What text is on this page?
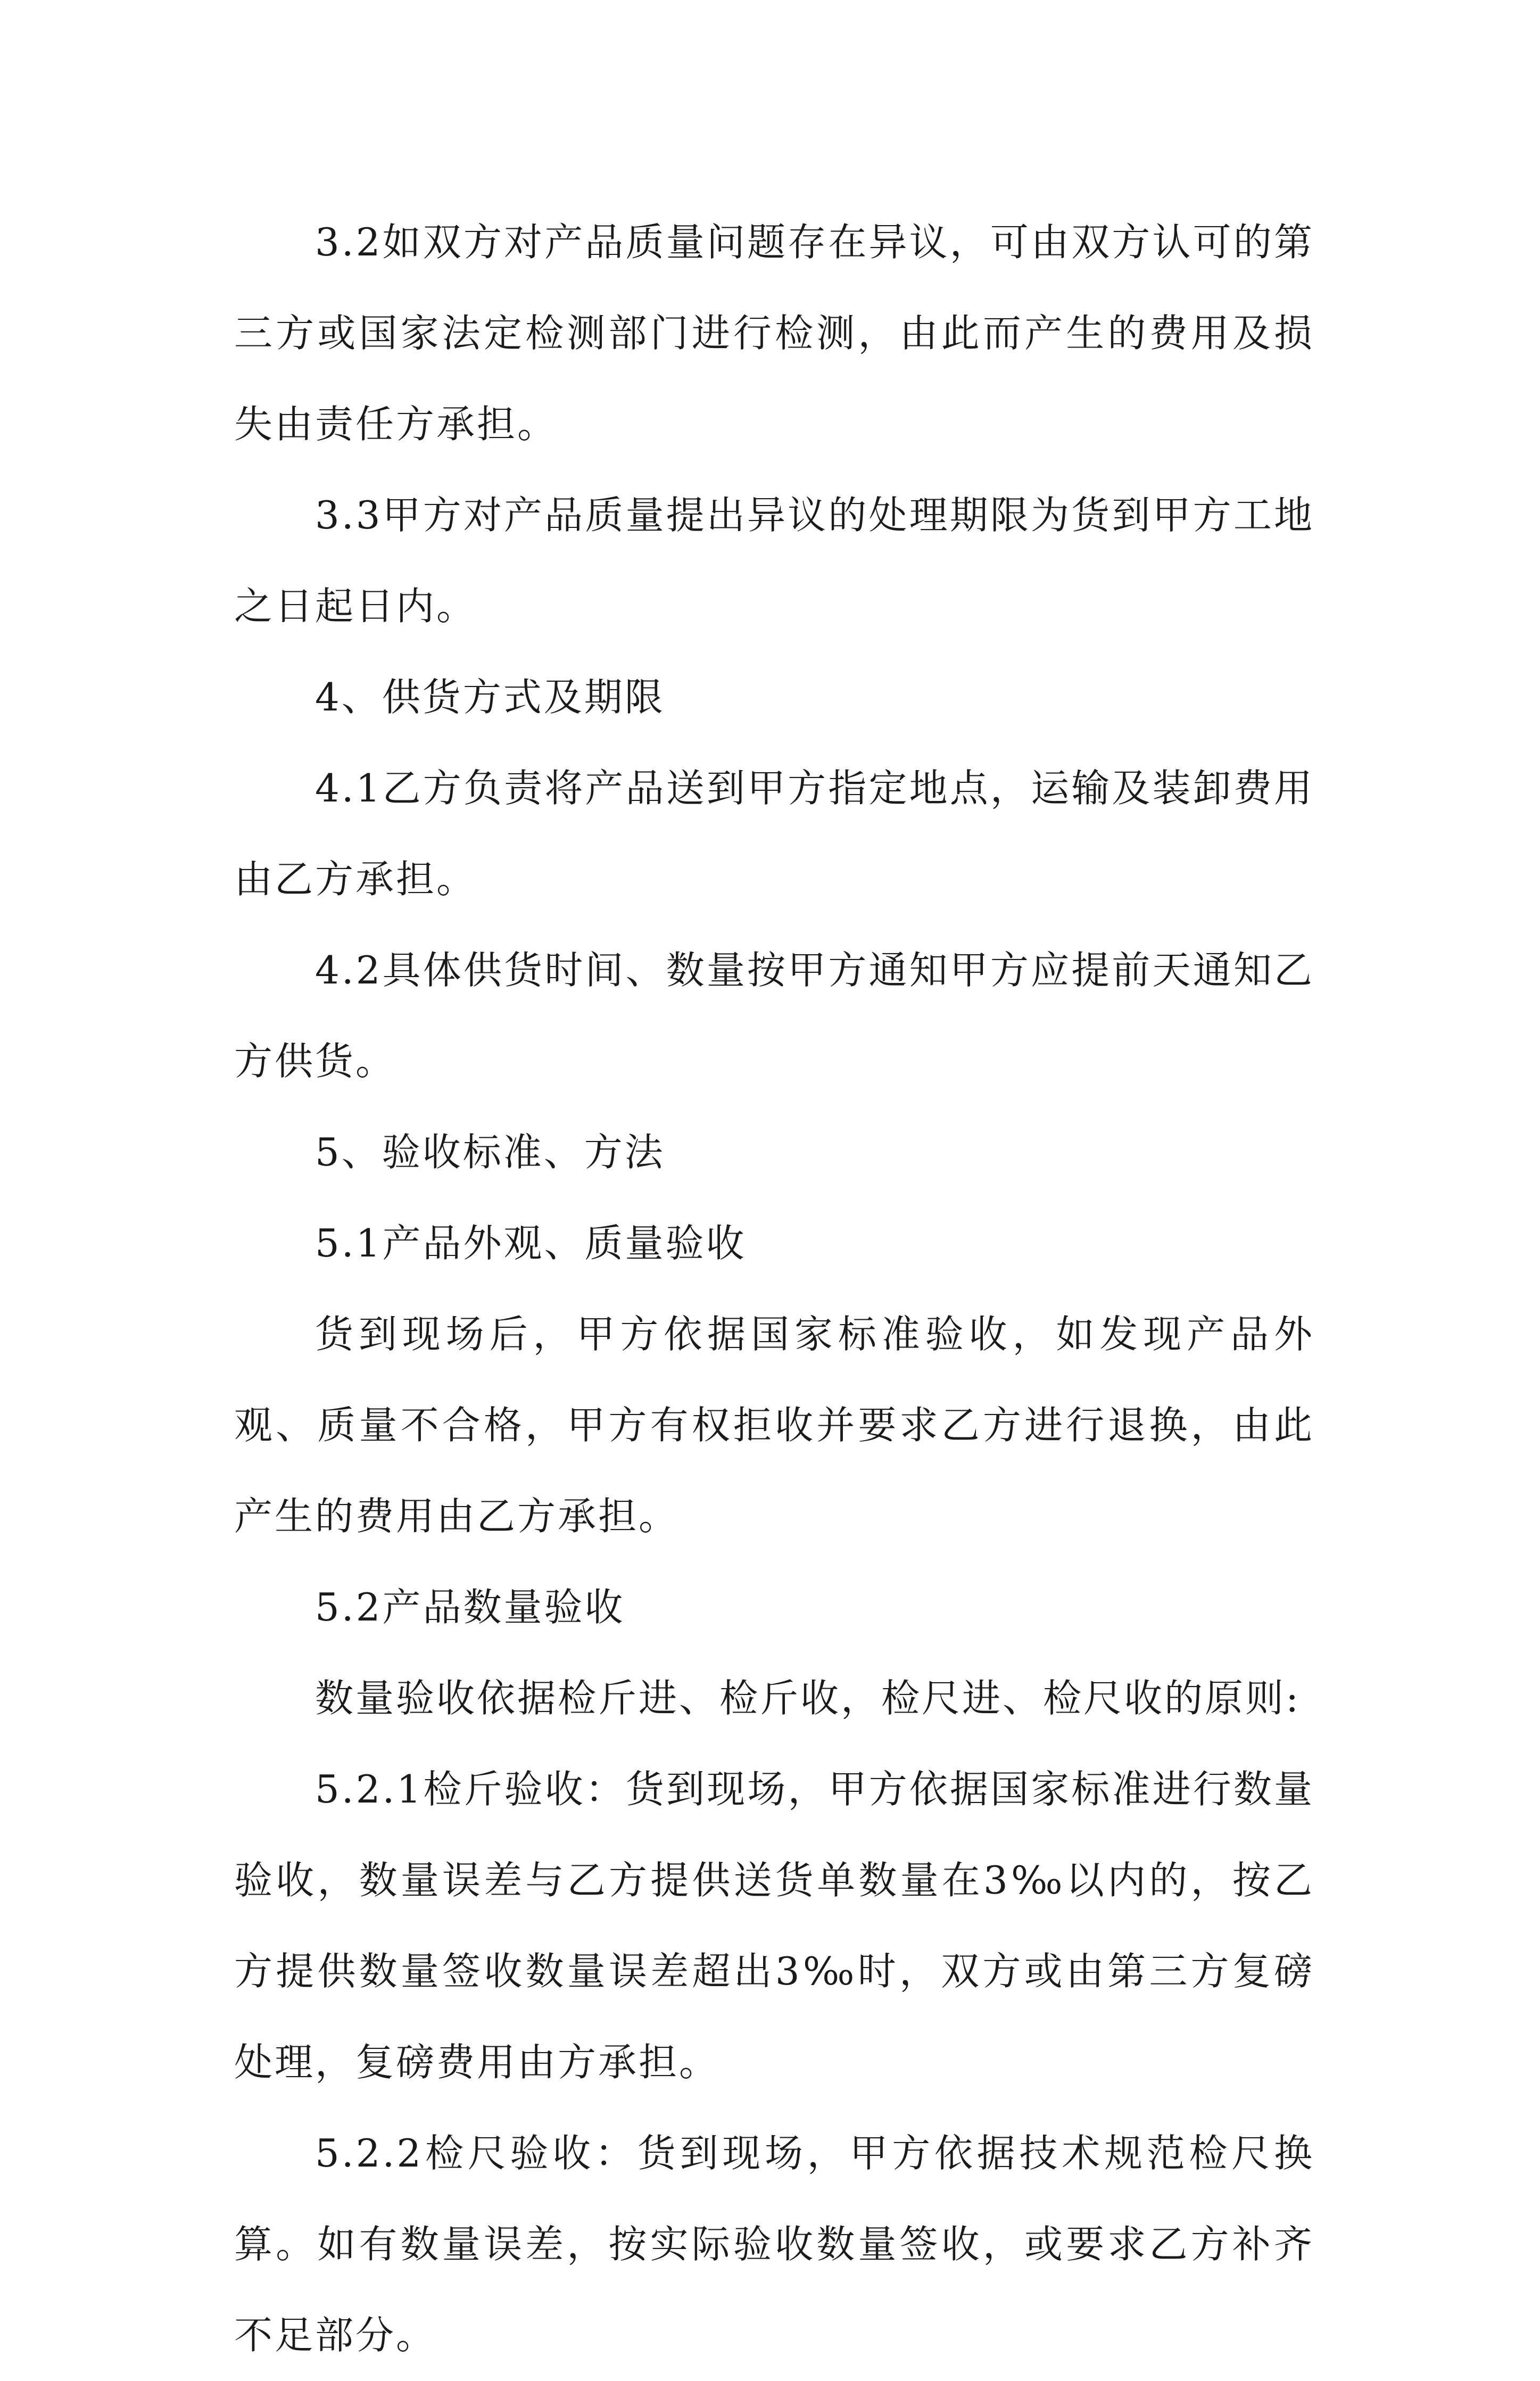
3.2如双方对产品质量问题存在异议，可由双方认可的第三方或国家法定检测部门进行检测，由此而产生的费用及损失由责任方承担。

3.3甲方对产品质量提出异议的处理期限为货到甲方工地之日起日内。

4、供货方式及期限

4.1乙方负责将产品送到甲方指定地点，运输及装卸费用由乙方承担。

4.2具体供货时间、数量按甲方通知甲方应提前天通知乙方供货。

5、验收标准、方法

5.1产品外观、质量验收

货到现场后，甲方依据国家标准验收，如发现产品外观、质量不合格，甲方有权拒收并要求乙方进行退换，由此产生的费用由乙方承担。

5.2产品数量验收

数量验收依据检斤进、检斤收，检尺进、检尺收的原则:

5.2.1检斤验收：货到现场，甲方依据国家标准进行数量验收，数量误差与乙方提供送货单数量在3‰以内的，按乙方提供数量签收数量误差超出3‰时，双方或由第三方复磅处理，复磅费用由方承担。

5.2.2检尺验收：货到现场，甲方依据技术规范检尺换算。如有数量误差，按实际验收数量签收，或要求乙方补齐不足部分。
